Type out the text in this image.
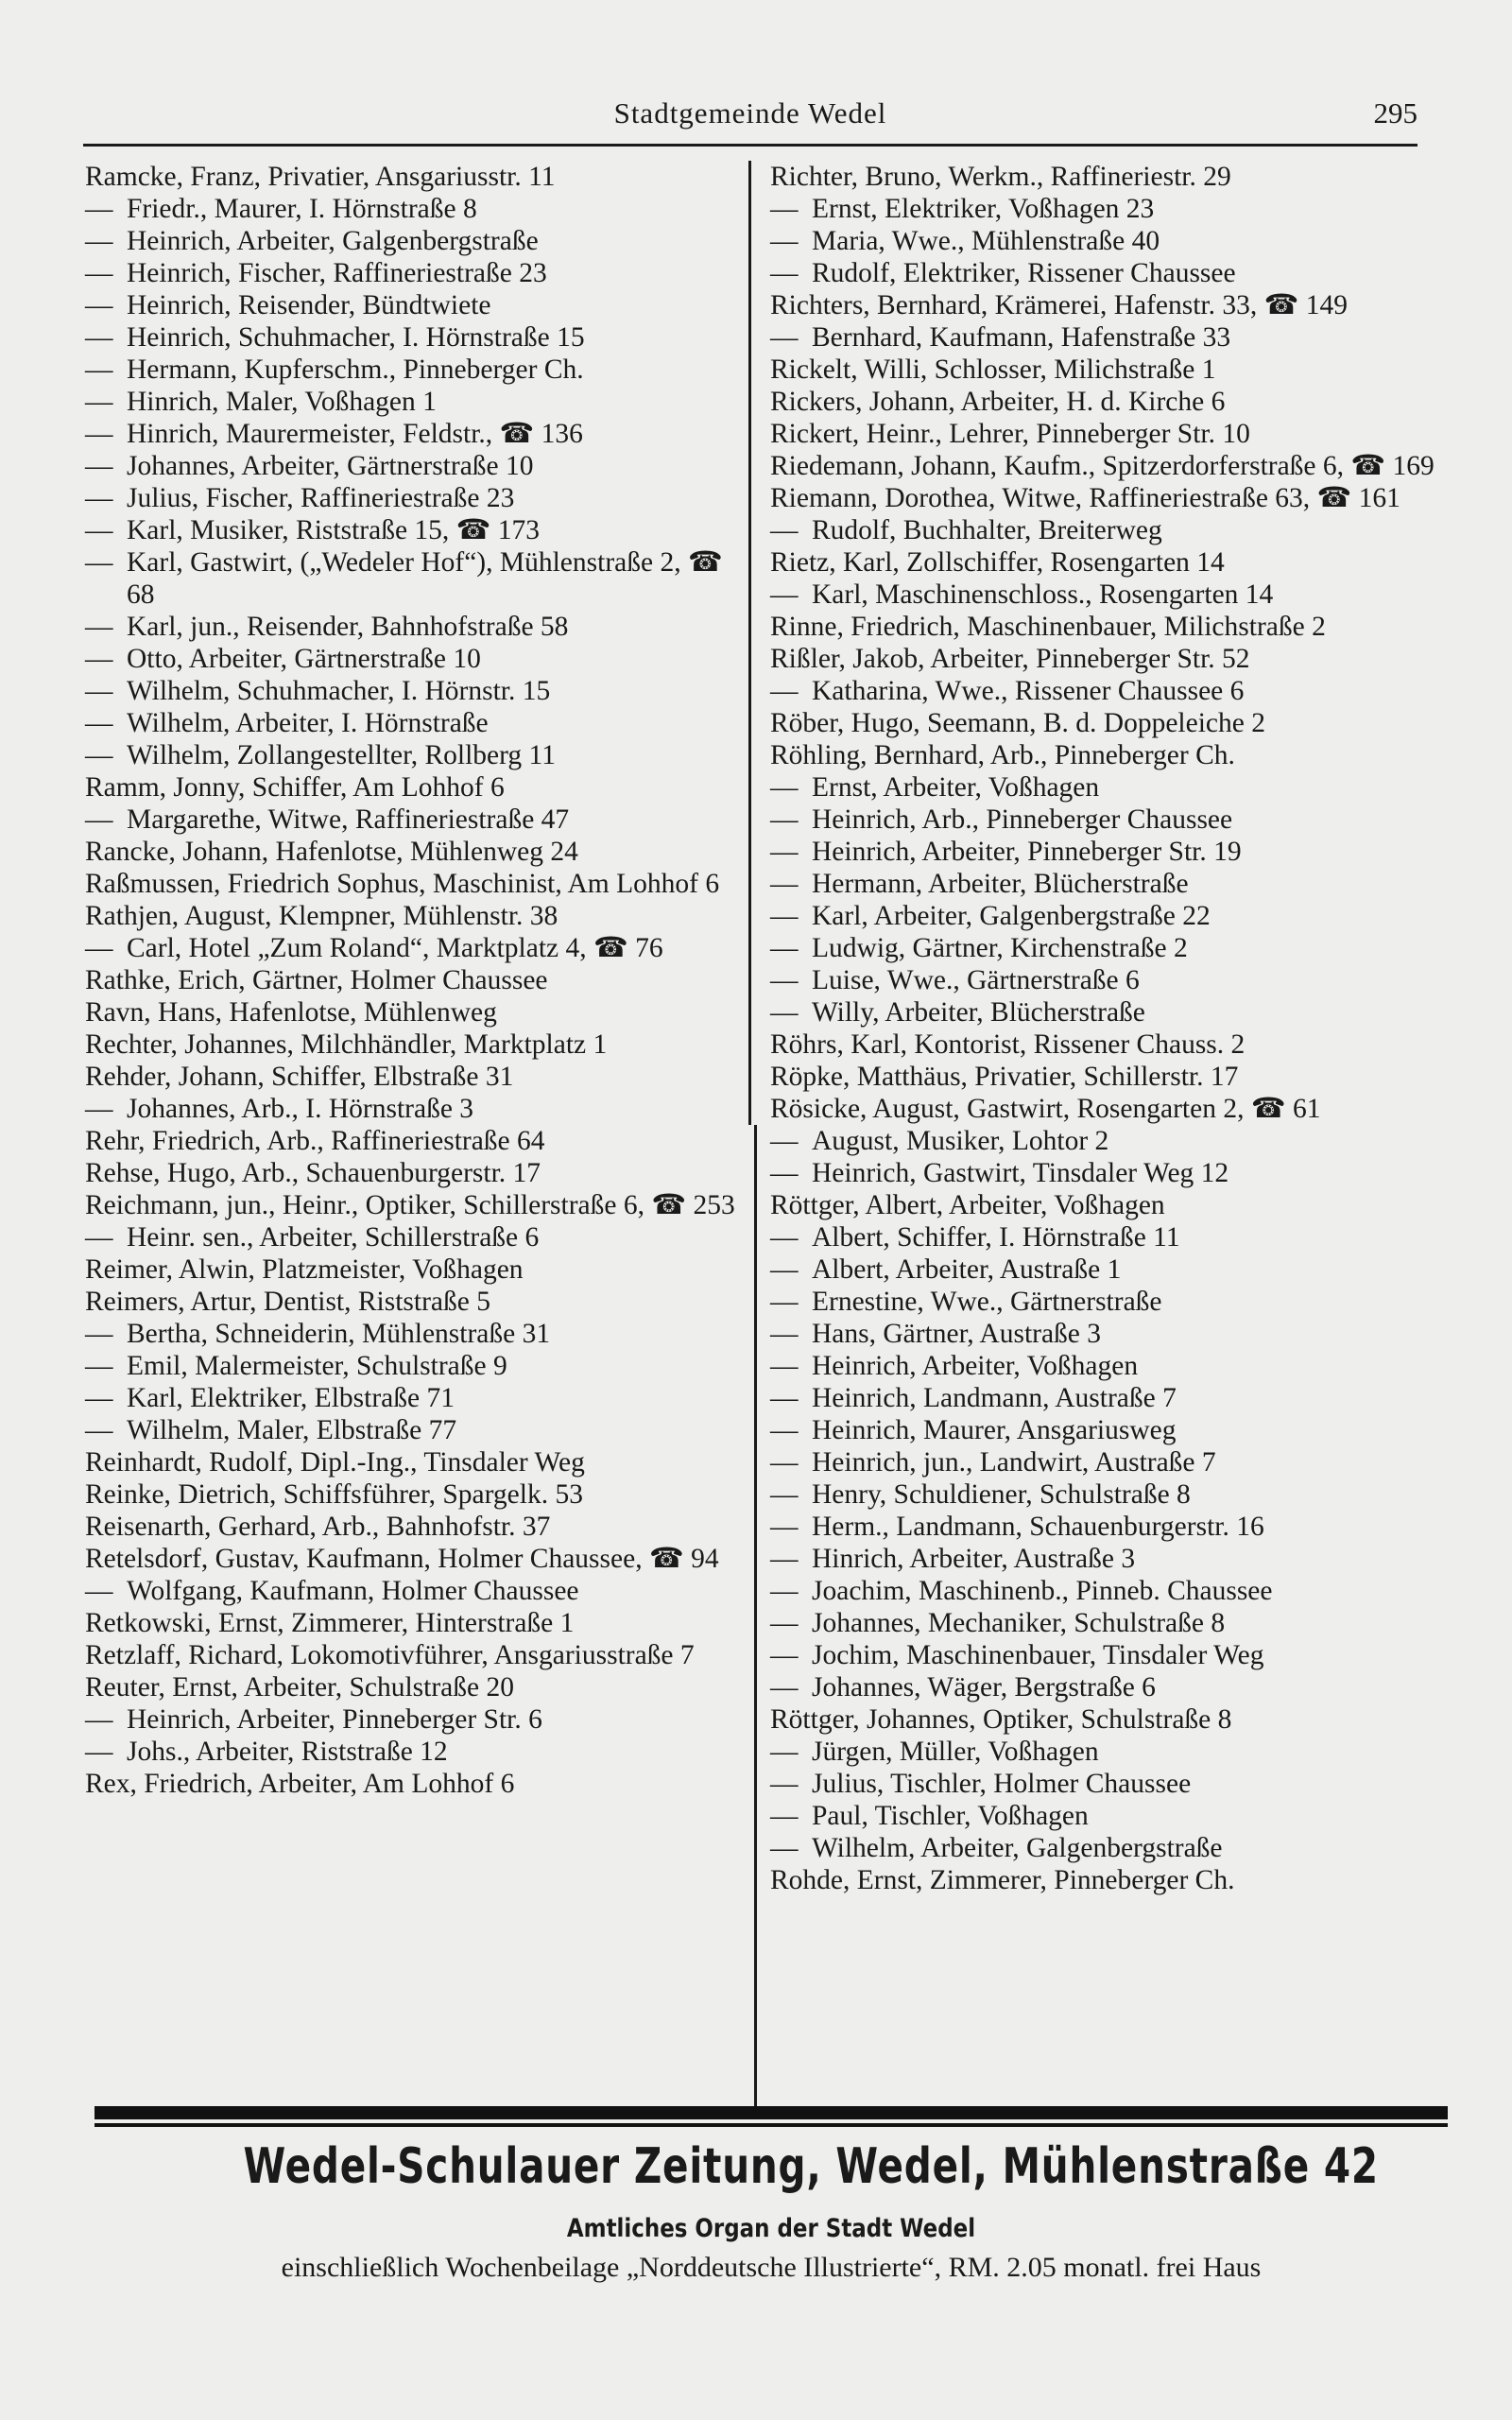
Stadtgemeinde Wedel	295
Ramcke, Franz, Privatier, Ansgariusstr. 11
— Friedr., Maurer, I. Hörnstraße 8
— Heinrich, Arbeiter, Galgenbergstraße
— Heinrich, Fischer, Raffineriestraße 23
— Heinrich, Reisender, Bündtwiete
— Heinrich, Schuhmacher, I. Hörnstraße 15
— Hermann, Kupferschm., Pinneberger Ch.
— Hinrich, Maler, Voßhagen 1
— Hinrich, Maurermeister, Feldstr., ☎ 136
— Johannes, Arbeiter, Gärtnerstraße 10
— Julius, Fischer, Raffineriestraße 23
— Karl, Musiker, Riststraße 15, ☎ 173
— Karl, Gastwirt, („Wedeler Hof“), Mühlenstraße 2, ☎ 68
— Karl, jun., Reisender, Bahnhofstraße 58
— Otto, Arbeiter, Gärtnerstraße 10
— Wilhelm, Schuhmacher, I. Hörnstr. 15
— Wilhelm, Arbeiter, I. Hörnstraße
— Wilhelm, Zollangestellter, Rollberg 11
Ramm, Jonny, Schiffer, Am Lohhof 6
— Margarethe, Witwe, Raffineriestraße 47
Rancke, Johann, Hafenlotse, Mühlenweg 24
Raßmussen, Friedrich Sophus, Maschinist, Am Lohhof 6
Rathjen, August, Klempner, Mühlenstr. 38
— Carl, Hotel „Zum Roland“, Marktplatz 4, ☎ 76
Rathke, Erich, Gärtner, Holmer Chaussee
Ravn, Hans, Hafenlotse, Mühlenweg
Rechter, Johannes, Milchhändler, Marktplatz 1
Rehder, Johann, Schiffer, Elbstraße 31
— Johannes, Arb., I. Hörnstraße 3
Rehr, Friedrich, Arb., Raffineriestraße 64
Rehse, Hugo, Arb., Schauenburgerstr. 17
Reichmann, jun., Heinr., Optiker, Schillerstraße 6, ☎ 253
— Heinr. sen., Arbeiter, Schillerstraße 6
Reimer, Alwin, Platzmeister, Voßhagen
Reimers, Artur, Dentist, Riststraße 5
— Bertha, Schneiderin, Mühlenstraße 31
— Emil, Malermeister, Schulstraße 9
— Karl, Elektriker, Elbstraße 71
— Wilhelm, Maler, Elbstraße 77
Reinhardt, Rudolf, Dipl.-Ing., Tinsdaler Weg
Reinke, Dietrich, Schiffsführer, Spargelk. 53
Reisenarth, Gerhard, Arb., Bahnhofstr. 37
Retelsdorf, Gustav, Kaufmann, Holmer Chaussee, ☎ 94
— Wolfgang, Kaufmann, Holmer Chaussee
Retkowski, Ernst, Zimmerer, Hinterstraße 1
Retzlaff, Richard, Lokomotivführer, Ansgariusstraße 7
Reuter, Ernst, Arbeiter, Schulstraße 20
— Heinrich, Arbeiter, Pinneberger Str. 6
— Johs., Arbeiter, Riststraße 12
Rex, Friedrich, Arbeiter, Am Lohhof 6
Richter, Bruno, Werkm., Raffineriestr. 29
— Ernst, Elektriker, Voßhagen 23
— Maria, Wwe., Mühlenstraße 40
— Rudolf, Elektriker, Rissener Chaussee
Richters, Bernhard, Krämerei, Hafenstr. 33, ☎ 149
— Bernhard, Kaufmann, Hafenstraße 33
Rickelt, Willi, Schlosser, Milichstraße 1
Rickers, Johann, Arbeiter, H. d. Kirche 6
Rickert, Heinr., Lehrer, Pinneberger Str. 10
Riedemann, Johann, Kaufm., Spitzerdorferstraße 6, ☎ 169
Riemann, Dorothea, Witwe, Raffineriestraße 63, ☎ 161
— Rudolf, Buchhalter, Breiterweg
Rietz, Karl, Zollschiffer, Rosengarten 14
— Karl, Maschinenschloss., Rosengarten 14
Rinne, Friedrich, Maschinenbauer, Milichstraße 2
Rißler, Jakob, Arbeiter, Pinneberger Str. 52
— Katharina, Wwe., Rissener Chaussee 6
Röber, Hugo, Seemann, B. d. Doppeleiche 2
Röhling, Bernhard, Arb., Pinneberger Ch.
— Ernst, Arbeiter, Voßhagen
— Heinrich, Arb., Pinneberger Chaussee
— Heinrich, Arbeiter, Pinneberger Str. 19
— Hermann, Arbeiter, Blücherstraße
— Karl, Arbeiter, Galgenbergstraße 22
— Ludwig, Gärtner, Kirchenstraße 2
— Luise, Wwe., Gärtnerstraße 6
— Willy, Arbeiter, Blücherstraße
Röhrs, Karl, Kontorist, Rissener Chauss. 2
Röpke, Matthäus, Privatier, Schillerstr. 17
Rösicke, August, Gastwirt, Rosengarten 2, ☎ 61
— August, Musiker, Lohtor 2
— Heinrich, Gastwirt, Tinsdaler Weg 12
Röttger, Albert, Arbeiter, Voßhagen
— Albert, Schiffer, I. Hörnstraße 11
— Albert, Arbeiter, Austraße 1
— Ernestine, Wwe., Gärtnerstraße
— Hans, Gärtner, Austraße 3
— Heinrich, Arbeiter, Voßhagen
— Heinrich, Landmann, Austraße 7
— Heinrich, Maurer, Ansgariusweg
— Heinrich, jun., Landwirt, Austraße 7
— Henry, Schuldiener, Schulstraße 8
— Herm., Landmann, Schauenburgerstr. 16
— Hinrich, Arbeiter, Austraße 3
— Joachim, Maschinenb., Pinneb. Chaussee
— Johannes, Mechaniker, Schulstraße 8
— Jochim, Maschinenbauer, Tinsdaler Weg
— Johannes, Wäger, Bergstraße 6
Röttger, Johannes, Optiker, Schulstraße 8
— Jürgen, Müller, Voßhagen
— Julius, Tischler, Holmer Chaussee
— Paul, Tischler, Voßhagen
— Wilhelm, Arbeiter, Galgenbergstraße
Rohde, Ernst, Zimmerer, Pinneberger Ch.
Wedel-Schulauer Zeitung, Wedel, Mühlenstraße 42
Amtliches Organ der Stadt Wedel
einschließlich Wochenbeilage „Norddeutsche Illustrierte“, RM. 2.05 monatl. frei Haus
